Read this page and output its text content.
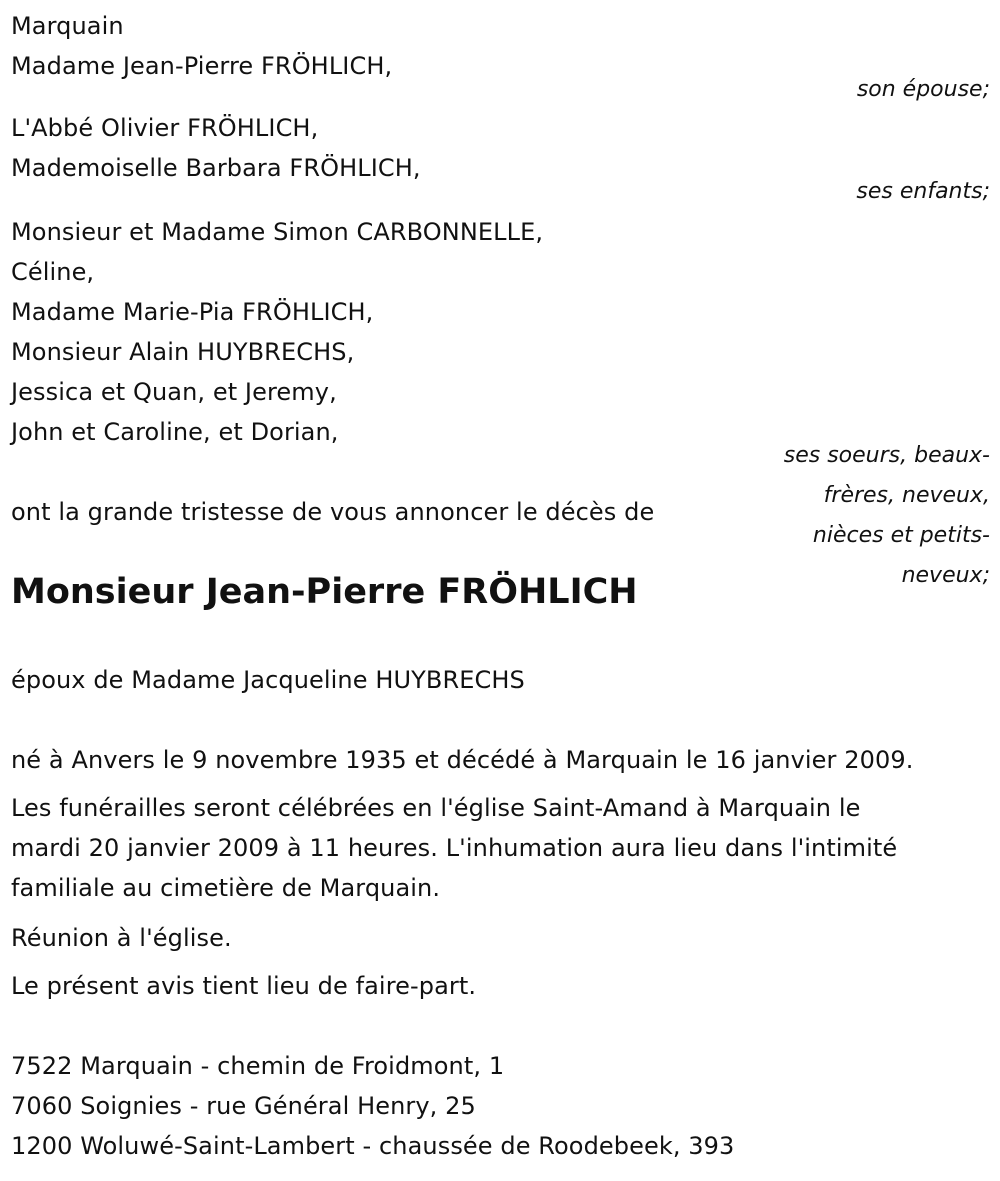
Marquain
Madame Jean-Pierre FRÖHLICH,
son épouse;
L'Abbé Olivier FRÖHLICH,
Mademoiselle Barbara FRÖHLICH,
ses enfants;
Monsieur et Madame Simon CARBONNELLE,
Céline,
Madame Marie-Pia FRÖHLICH,
Monsieur Alain HUYBRECHS,
Jessica et Quan, et Jeremy,
John et Caroline, et Dorian,
ses soeurs, beaux-frères, neveux, nièces et petits-neveux;
ont la grande tristesse de vous annoncer le décès de
Monsieur Jean-Pierre FRÖHLICH
époux de Madame Jacqueline HUYBRECHS
né à Anvers le 9 novembre 1935 et décédé à Marquain le 16 janvier 2009.
Les funérailles seront célébrées en l'église Saint-Amand à Marquain le
mardi 20 janvier 2009 à 11 heures. L'inhumation aura lieu dans l'intimité
familiale au cimetière de Marquain.
Réunion à l'église.
Le présent avis tient lieu de faire-part.
7522 Marquain - chemin de Froidmont, 1
7060 Soignies - rue Général Henry, 25
1200 Woluwé-Saint-Lambert - chaussée de Roodebeek, 393
